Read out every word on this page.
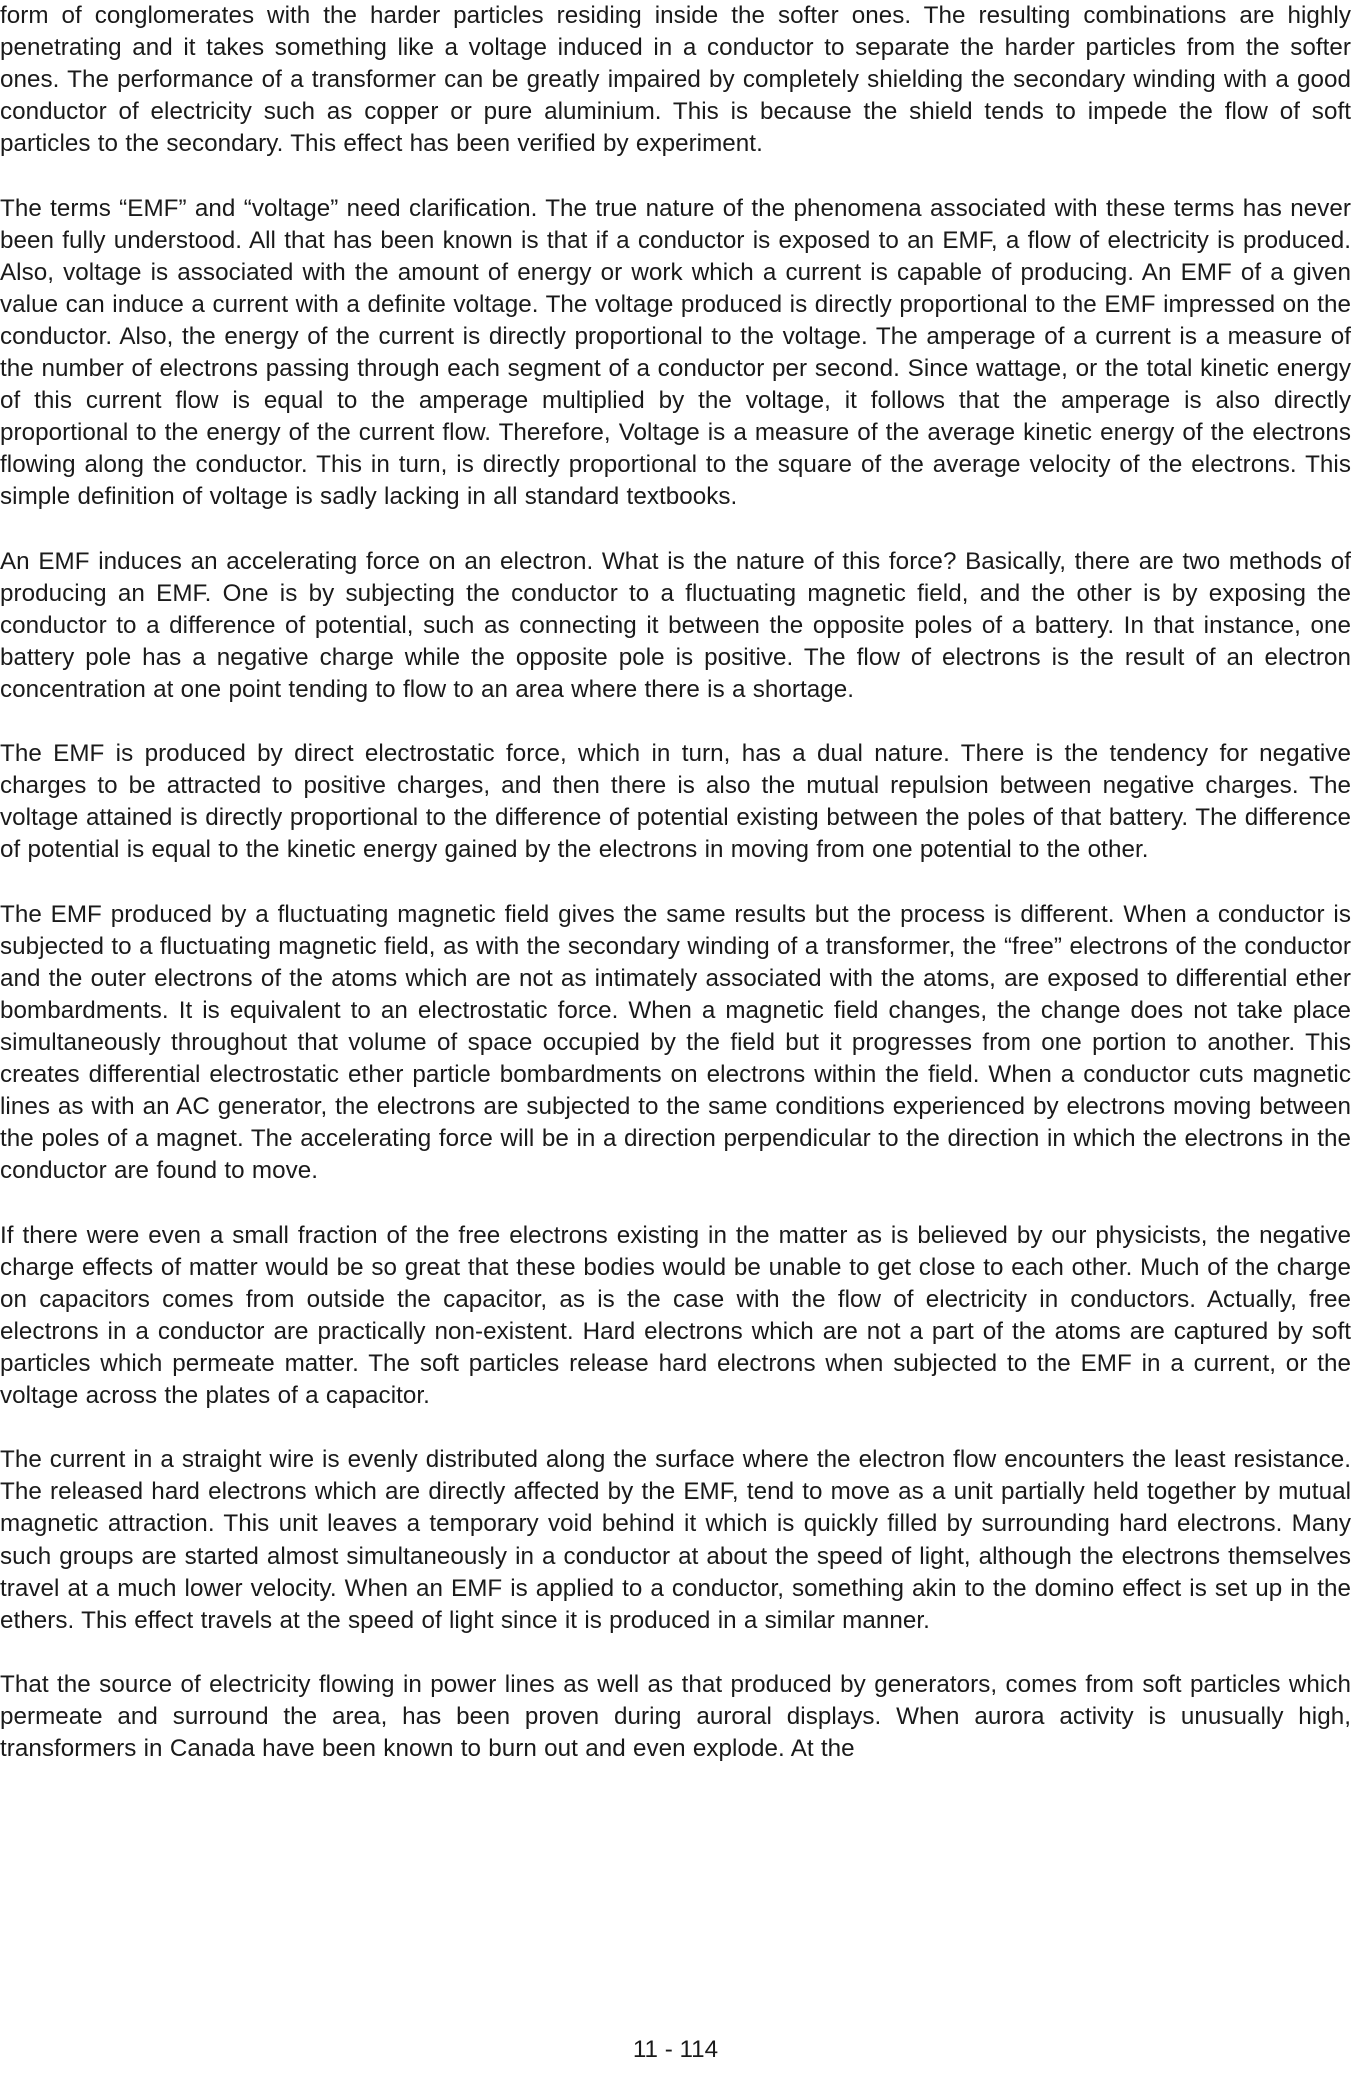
form of conglomerates with the harder particles residing inside the softer ones. The resulting combinations are highly penetrating and it takes something like a voltage induced in a conductor to separate the harder particles from the softer ones. The performance of a transformer can be greatly impaired by completely shielding the secondary winding with a good conductor of electricity such as copper or pure aluminium. This is because the shield tends to impede the flow of soft particles to the secondary. This effect has been verified by experiment.

The terms “EMF” and “voltage” need clarification. The true nature of the phenomena associated with these terms has never been fully understood. All that has been known is that if a conductor is exposed to an EMF, a flow of electricity is produced. Also, voltage is associated with the amount of energy or work which a current is capable of producing. An EMF of a given value can induce a current with a definite voltage. The voltage produced is directly proportional to the EMF impressed on the conductor. Also, the energy of the current is directly proportional to the voltage. The amperage of a current is a measure of the number of electrons passing through each segment of a conductor per second. Since wattage, or the total kinetic energy of this current flow is equal to the amperage multiplied by the voltage, it follows that the amperage is also directly proportional to the energy of the current flow. Therefore, Voltage is a measure of the average kinetic energy of the electrons flowing along the conductor. This in turn, is directly proportional to the square of the average velocity of the electrons. This simple definition of voltage is sadly lacking in all standard textbooks.

An EMF induces an accelerating force on an electron. What is the nature of this force? Basically, there are two methods of producing an EMF. One is by subjecting the conductor to a fluctuating magnetic field, and the other is by exposing the conductor to a difference of potential, such as connecting it between the opposite poles of a battery. In that instance, one battery pole has a negative charge while the opposite pole is positive. The flow of electrons is the result of an electron concentration at one point tending to flow to an area where there is a shortage.

The EMF is produced by direct electrostatic force, which in turn, has a dual nature. There is the tendency for negative charges to be attracted to positive charges, and then there is also the mutual repulsion between negative charges. The voltage attained is directly proportional to the difference of potential existing between the poles of that battery. The difference of potential is equal to the kinetic energy gained by the electrons in moving from one potential to the other.

The EMF produced by a fluctuating magnetic field gives the same results but the process is different. When a conductor is subjected to a fluctuating magnetic field, as with the secondary winding of a transformer, the “free” electrons of the conductor and the outer electrons of the atoms which are not as intimately associated with the atoms, are exposed to differential ether bombardments. It is equivalent to an electrostatic force. When a magnetic field changes, the change does not take place simultaneously throughout that volume of space occupied by the field but it progresses from one portion to another. This creates differential electrostatic ether particle bombardments on electrons within the field. When a conductor cuts magnetic lines as with an AC generator, the electrons are subjected to the same conditions experienced by electrons moving between the poles of a magnet. The accelerating force will be in a direction perpendicular to the direction in which the electrons in the conductor are found to move.

If there were even a small fraction of the free electrons existing in the matter as is believed by our physicists, the negative charge effects of matter would be so great that these bodies would be unable to get close to each other. Much of the charge on capacitors comes from outside the capacitor, as is the case with the flow of electricity in conductors. Actually, free electrons in a conductor are practically non-existent. Hard electrons which are not a part of the atoms are captured by soft particles which permeate matter. The soft particles release hard electrons when subjected to the EMF in a current, or the voltage across the plates of a capacitor.

The current in a straight wire is evenly distributed along the surface where the electron flow encounters the least resistance. The released hard electrons which are directly affected by the EMF, tend to move as a unit partially held together by mutual magnetic attraction. This unit leaves a temporary void behind it which is quickly filled by surrounding hard electrons. Many such groups are started almost simultaneously in a conductor at about the speed of light, although the electrons themselves travel at a much lower velocity. When an EMF is applied to a conductor, something akin to the domino effect is set up in the ethers. This effect travels at the speed of light since it is produced in a similar manner.

That the source of electricity flowing in power lines as well as that produced by generators, comes from soft particles which permeate and surround the area, has been proven during auroral displays. When aurora activity is unusually high, transformers in Canada have been known to burn out and even explode. At the

11 - 114
